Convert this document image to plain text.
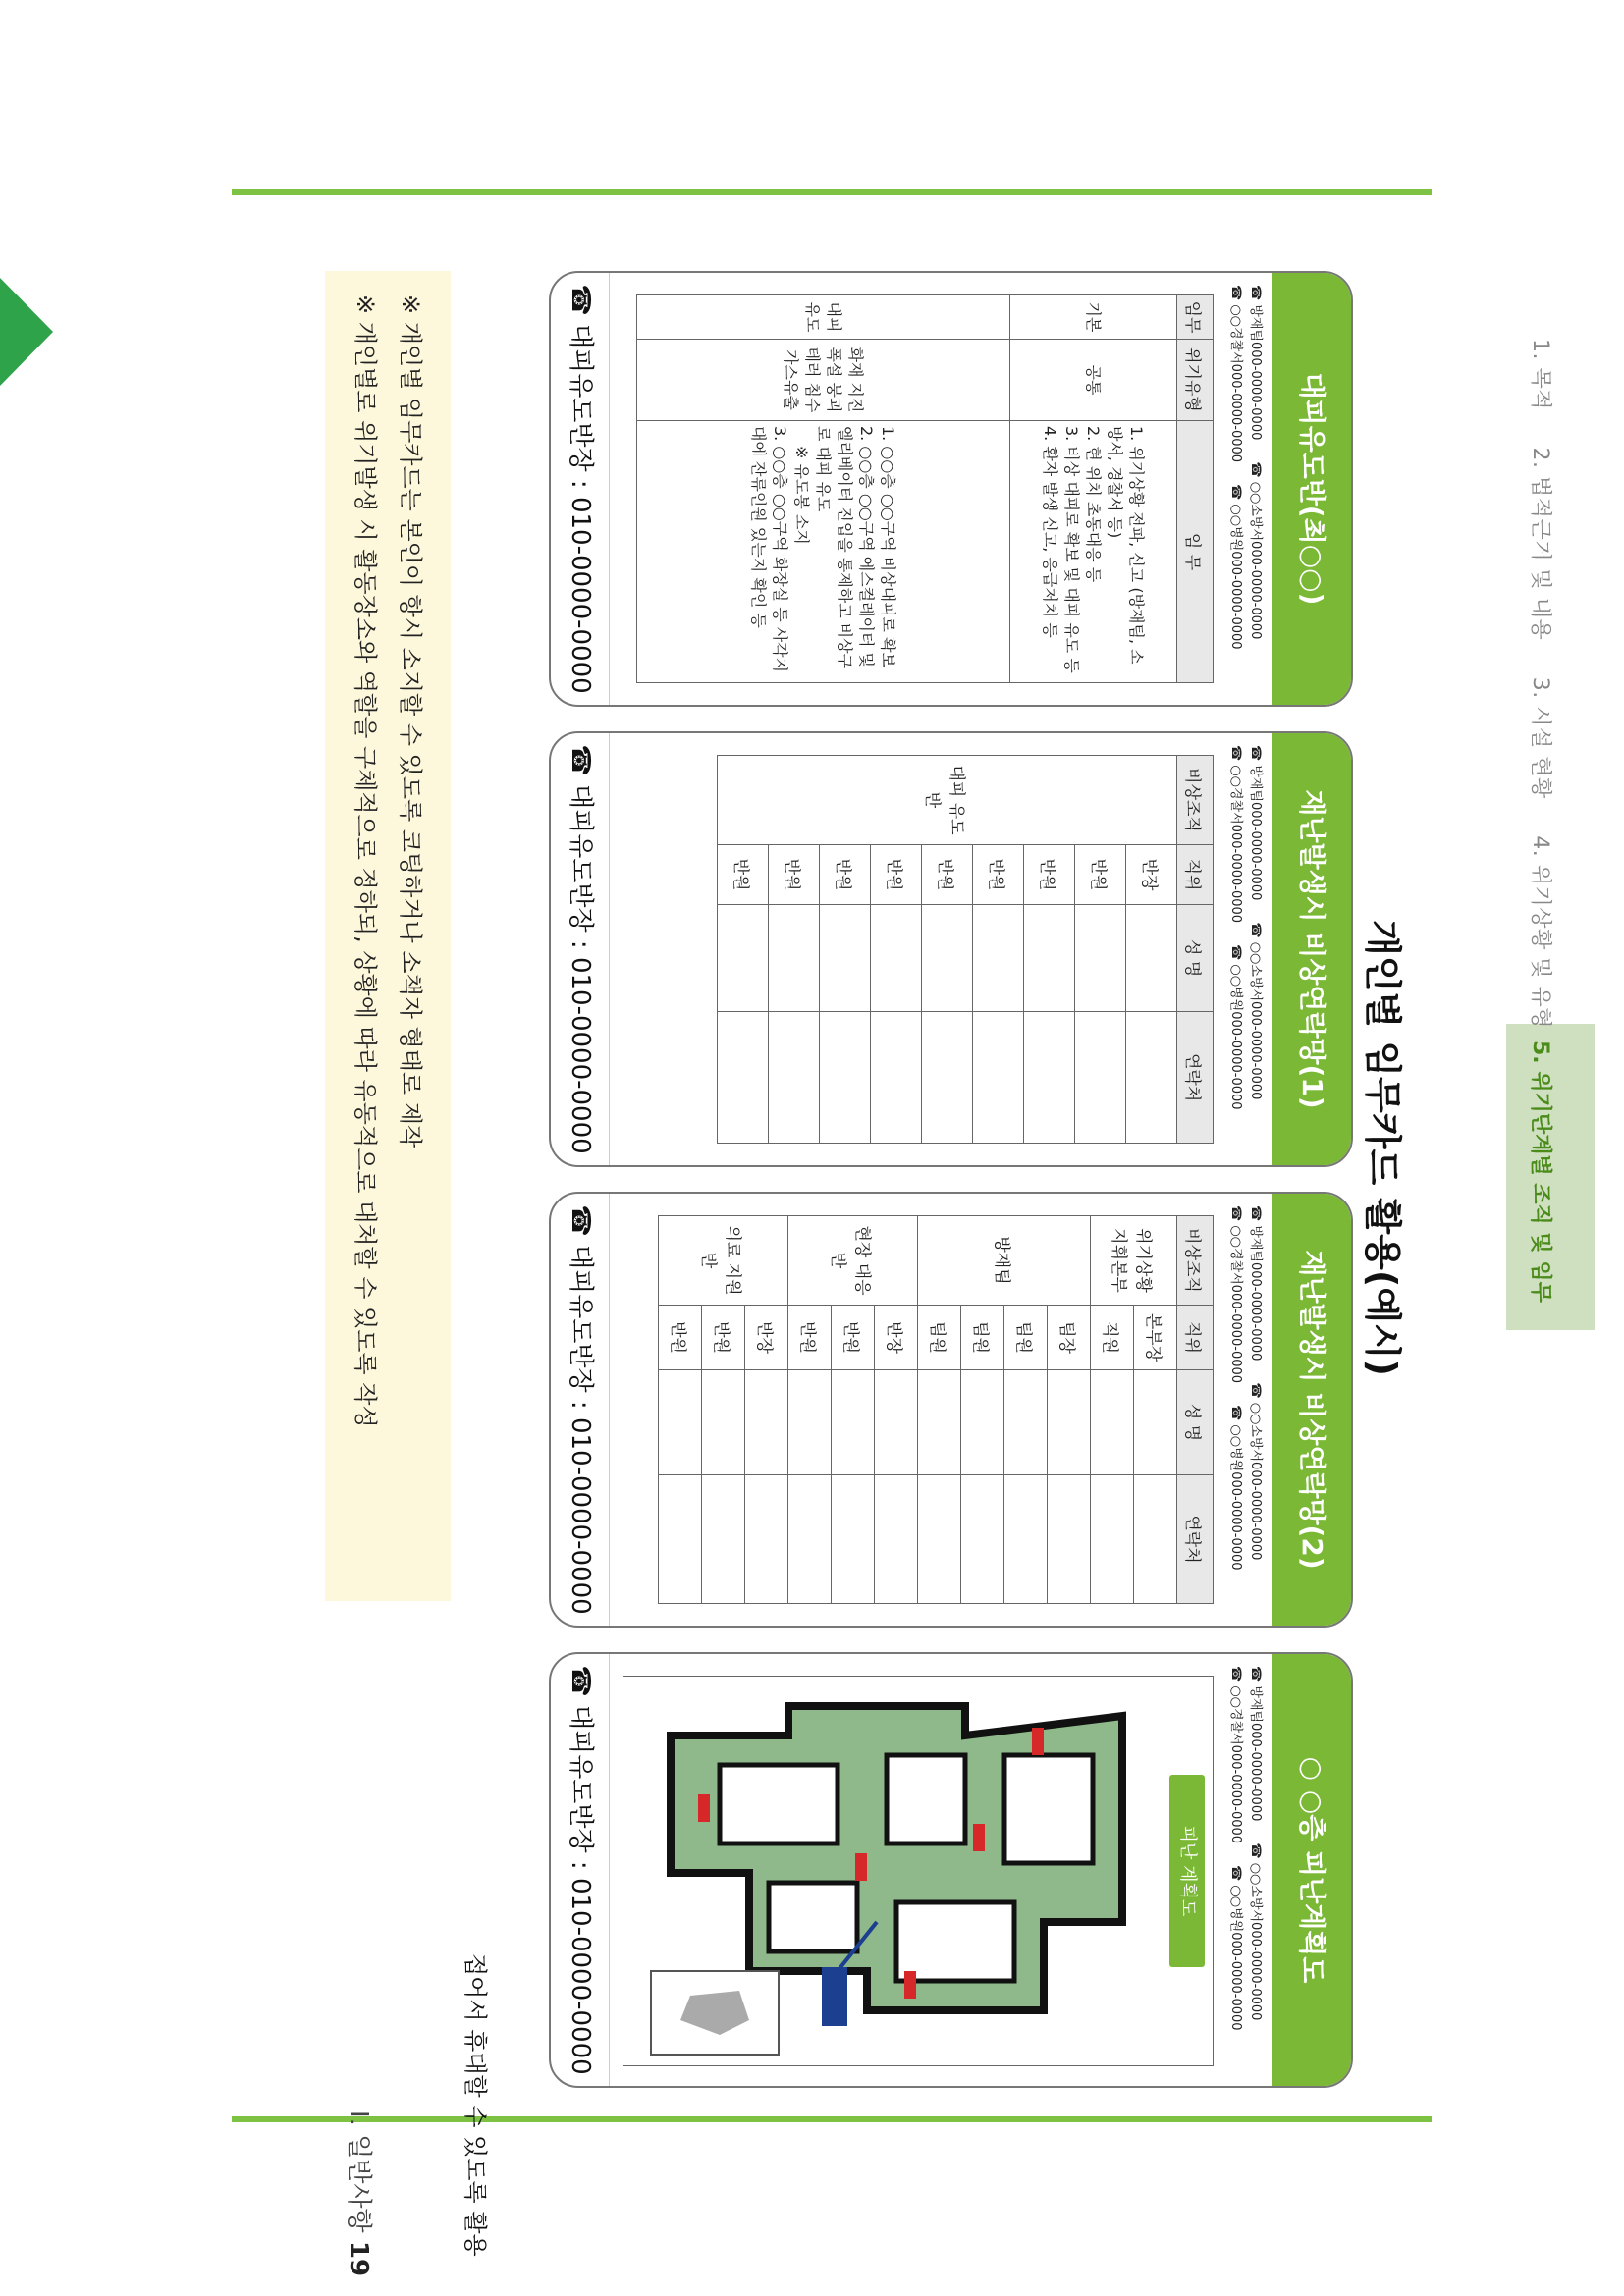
1. 목적 2. 법적근거 및 내용 3. 시설 현황 4. 위기상황 및 유형
5. 위기단계별 조직 및 임무
개인별 임무카드 활용(예시)
대피유도반(최○○)
☎ 방재팀000-0000-0000☎ ○○소방서000-0000-0000
☎ ○○경찰서000-0000-0000☎ ○○병원000-0000-0000
임무	위기유형	임 무
기본	공통	1. 위기상황 전파, 신고 (방재팀, 소방서, 경찰서 등)
2. 현 위치 초동대응 등
3. 비상 대피로 확보 및 대피 유도 등
4. 환자 발생 신고, 응급처치 등

대피유도	화재 지진 폭설 붕괴 테러 침수 가스유출	1. ○○층 ○○구역 비상대피로 확보
2. ○○층 ○○구역 에스컬레이터 및 엘리베이터 진입을 통제하고 비상구로 대피 유도
※ 유도봉 소지
3. ○○층 ○○구역 화장실 등 사각지대에 잔류인원 있는지 확인 등
☎ 대피유도반장 : 010-0000-0000
재난발생시 비상연락망(1)
☎ 방재팀000-0000-0000☎ ○○소방서000-0000-0000
☎ ○○경찰서000-0000-0000☎ ○○병원000-0000-0000
비상조직	직위	성 명	연락처
대피 유도반	반장		
	반원		
	반원		
	반원		
	반원		
	반원		
	반원		
	반원		
	반원		
☎ 대피유도반장 : 010-0000-0000
재난발생시 비상연락망(2)
☎ 방재팀000-0000-0000☎ ○○소방서000-0000-0000
☎ ○○경찰서000-0000-0000☎ ○○병원000-0000-0000
비상조직	직위	성 명	연락처
위기상황 지휘본부	본부장		
	직원		
방재팀	팀장		
	팀원		
	팀원		
	팀원		
현장 대응반	반장		
	반원		
	반원		
의료 지원반	반장		
	반원		
	반원		
☎ 대피유도반장 : 010-0000-0000
○ ○층 피난계획도
☎ 방재팀000-0000-0000☎ ○○소방서000-0000-0000
☎ ○○경찰서000-0000-0000☎ ○○병원000-0000-0000
피난 계획도
☎ 대피유도반장 : 010-0000-0000
접어서 휴대할 수 있도록 활용
※ 개인별 임무카드는 본인이 항시 소지할 수 있도록 코팅하거나 소책자 형태로 제작
※ 개인별로 위기발생 시 활동장소와 역할을 구체적으로 정하되, 상황에 따라 유동적으로 대처할 수 있도록 작성
Ⅰ. 일반사항 19
